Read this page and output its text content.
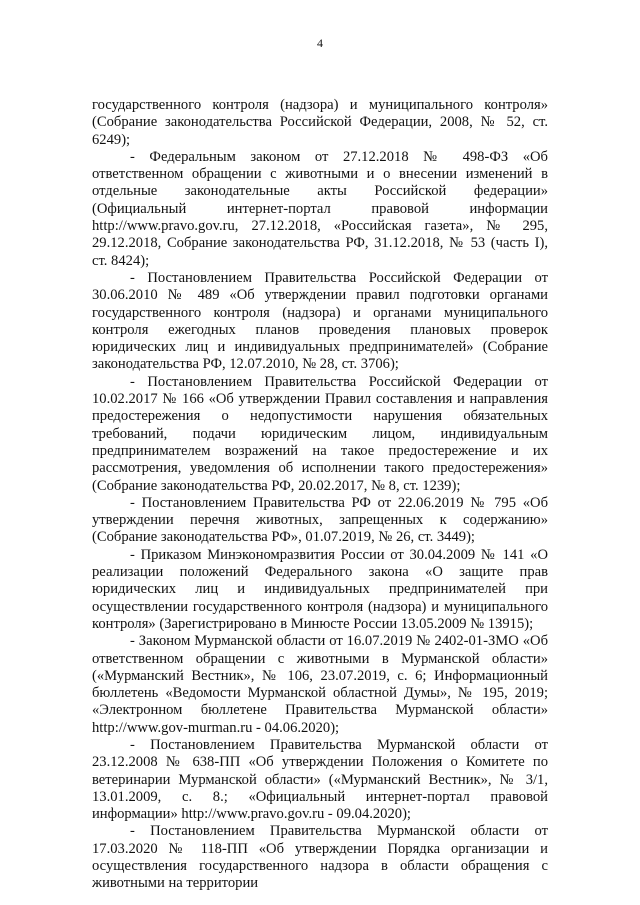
4

государственного контроля (надзора) и муниципального контроля» (Собрание законодательства Российской Федерации, 2008, № 52, ст. 6249);

- Федеральным законом от 27.12.2018 № 498-ФЗ «Об ответственном обращении с животными и о внесении изменений в отдельные законодательные акты Российской федерации» (Официальный интернет-портал правовой информации http://www.pravo.gov.ru, 27.12.2018, «Российская газета», № 295, 29.12.2018, Собрание законодательства РФ, 31.12.2018, № 53 (часть I), ст. 8424);

- Постановлением Правительства Российской Федерации от 30.06.2010 № 489 «Об утверждении правил подготовки органами государственного контроля (надзора) и органами муниципального контроля ежегодных планов проведения плановых проверок юридических лиц и индивидуальных предпринимателей» (Собрание законодательства РФ, 12.07.2010, № 28, ст. 3706);

- Постановлением Правительства Российской Федерации от 10.02.2017 № 166 «Об утверждении Правил составления и направления предостережения о недопустимости нарушения обязательных требований, подачи юридическим лицом, индивидуальным предпринимателем возражений на такое предостережение и их рассмотрения, уведомления об исполнении такого предостережения» (Собрание законодательства РФ, 20.02.2017, № 8, ст. 1239);

- Постановлением Правительства РФ от 22.06.2019 № 795 «Об утверждении перечня животных, запрещенных к содержанию» (Собрание законодательства РФ», 01.07.2019, № 26, ст. 3449);

- Приказом Минэкономразвития России от 30.04.2009 № 141 «О реализации положений Федерального закона «О защите прав юридических лиц и индивидуальных предпринимателей при осуществлении государственного контроля (надзора) и муниципального контроля» (Зарегистрировано в Минюсте России 13.05.2009 № 13915);

- Законом Мурманской области от 16.07.2019 № 2402-01-ЗМО «Об ответственном обращении с животными в Мурманской области» («Мурманский Вестник», № 106, 23.07.2019, с. 6; Информационный бюллетень «Ведомости Мурманской областной Думы», № 195, 2019; «Электронном бюллетене Правительства Мурманской области» http://www.gov-murman.ru - 04.06.2020);

- Постановлением Правительства Мурманской области от 23.12.2008 № 638-ПП «Об утверждении Положения о Комитете по ветеринарии Мурманской области» («Мурманский Вестник», № 3/1, 13.01.2009, с. 8.; «Официальный интернет-портал правовой информации» http://www.pravo.gov.ru - 09.04.2020);

- Постановлением Правительства Мурманской области от 17.03.2020 № 118-ПП «Об утверждении Порядка организации и осуществления государственного надзора в области обращения с животными на территории
